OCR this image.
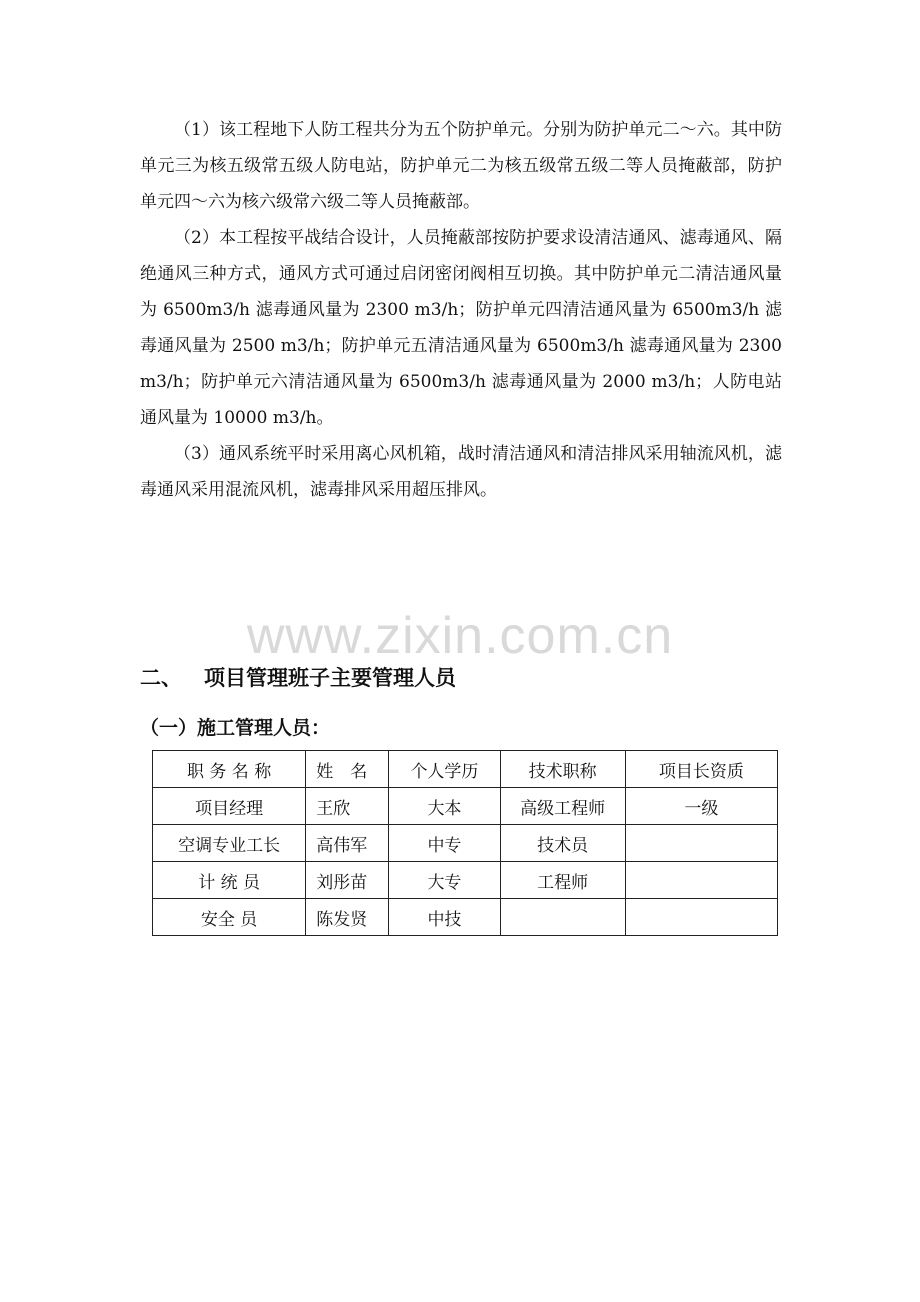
（1）该工程地下人防工程共分为五个防护单元。分别为防护单元二～六。其中防单元三为核五级常五级人防电站，防护单元二为核五级常五级二等人员掩蔽部，防护单元四～六为核六级常六级二等人员掩蔽部。

（2）本工程按平战结合设计，人员掩蔽部按防护要求设清洁通风、滤毒通风、隔绝通风三种方式，通风方式可通过启闭密闭阀相互切换。其中防护单元二清洁通风量为 6500m3/h 滤毒通风量为 2300 m3/h；防护单元四清洁通风量为 6500m3/h 滤毒通风量为 2500 m3/h；防护单元五清洁通风量为 6500m3/h 滤毒通风量为 2300 m3/h；防护单元六清洁通风量为 6500m3/h 滤毒通风量为 2000 m3/h；人防电站通风量为 10000 m3/h。

（3）通风系统平时采用离心风机箱，战时清洁通风和清洁排风采用轴流风机，滤毒通风采用混流风机，滤毒排风采用超压排风。

www.zixin.com.cn
二、 项目管理班子主要管理人员
（一）施工管理人员：
职 务 名 称	姓　名	个人学历	技术职称	项目长资质
项目经理	王欣	大本	高级工程师	一级
空调专业工长	高伟军	中专	技术员	
计 统 员	刘彤苗	大专	工程师	
安全 员	陈发贤	中技		
